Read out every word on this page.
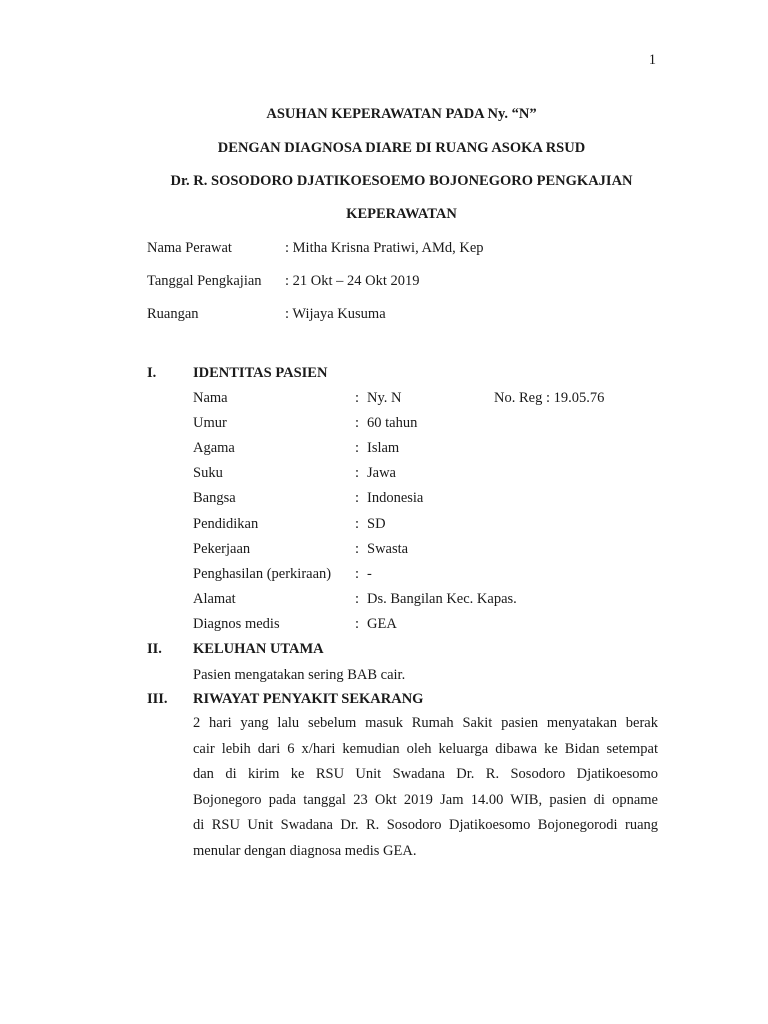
1
ASUHAN KEPERAWATAN PADA Ny. “N”
DENGAN DIAGNOSA DIARE DI RUANG ASOKA RSUD
Dr. R. SOSODORO DJATIKOESOEMO BOJONEGORO PENGKAJIAN
KEPERAWATAN
Nama Perawat	: Mitha Krisna Pratiwi, AMd, Kep
Tanggal Pengkajian : 21 Okt – 24 Okt 2019
Ruangan	: Wijaya Kusuma
I.	IDENTITAS PASIEN
Nama	: Ny. N	No. Reg : 19.05.76
Umur	: 60 tahun
Agama	: Islam
Suku	: Jawa
Bangsa	: Indonesia
Pendidikan	: SD
Pekerjaan	: Swasta
Penghasilan (perkiraan) : -
Alamat	: Ds. Bangilan Kec. Kapas.
Diagnos medis	: GEA
II. KELUHAN UTAMA
Pasien mengatakan sering BAB cair.
III. RIWAYAT PENYAKIT SEKARANG
2 hari yang lalu sebelum masuk Rumah Sakit pasien menyatakan berak
cair lebih dari 6 x/hari kemudian oleh keluarga dibawa ke Bidan setempat
dan di kirim ke RSU Unit Swadana Dr. R. Sosodoro Djatikoesomo
Bojonegoro pada tanggal 23 Okt 2019 Jam 14.00 WIB, pasien di opname
di RSU Unit Swadana Dr. R. Sosodoro Djatikoesomo Bojonegorodi ruang
menular dengan diagnosa medis GEA.
